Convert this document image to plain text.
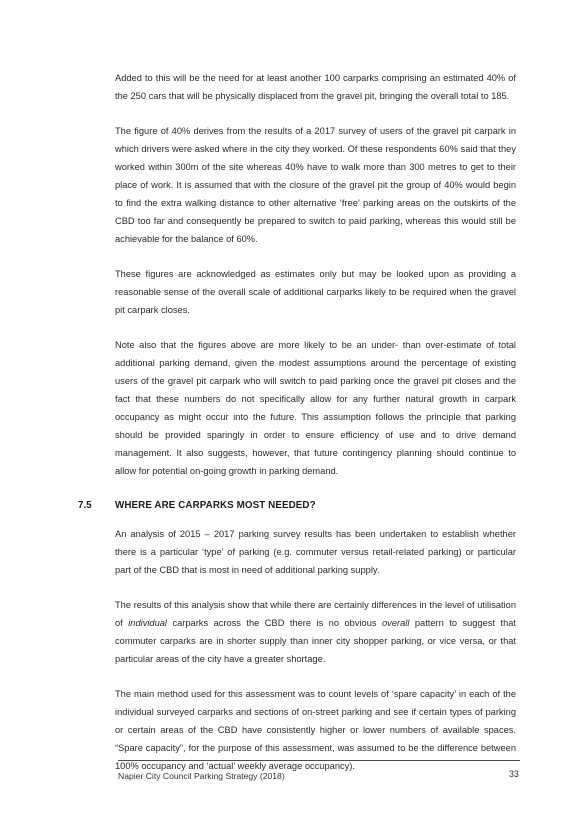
Added to this will be the need for at least another 100 carparks comprising an estimated 40% of the 250 cars that will be physically displaced from the gravel pit, bringing the overall total to 185.

The figure of 40% derives from the results of a 2017 survey of users of the gravel pit carpark in which drivers were asked where in the city they worked. Of these respondents 60% said that they worked within 300m of the site whereas 40% have to walk more than 300 metres to get to their place of work. It is assumed that with the closure of the gravel pit the group of 40% would begin to find the extra walking distance to other alternative ‘free’ parking areas on the outskirts of the CBD too far and consequently be prepared to switch to paid parking, whereas this would still be achievable for the balance of 60%.

These figures are acknowledged as estimates only but may be looked upon as providing a reasonable sense of the overall scale of additional carparks likely to be required when the gravel pit carpark closes.

Note also that the figures above are more likely to be an under- than over-estimate of total additional parking demand, given the modest assumptions around the percentage of existing users of the gravel pit carpark who will switch to paid parking once the gravel pit closes and the fact that these numbers do not specifically allow for any further natural growth in carpark occupancy as might occur into the future. This assumption follows the principle that parking should be provided sparingly in order to ensure efficiency of use and to drive demand management. It also suggests, however, that future contingency planning should continue to allow for potential on-going growth in parking demand.

7.5 WHERE ARE CARPARKS MOST NEEDED?

An analysis of 2015 – 2017 parking survey results has been undertaken to establish whether there is a particular ‘type’ of parking (e.g. commuter versus retail-related parking) or particular part of the CBD that is most in need of additional parking supply.

The results of this analysis show that while there are certainly differences in the level of utilisation of individual carparks across the CBD there is no obvious overall pattern to suggest that commuter carparks are in shorter supply than inner city shopper parking, or vice versa, or that particular areas of the city have a greater shortage.

The main method used for this assessment was to count levels of ‘spare capacity’ in each of the individual surveyed carparks and sections of on-street parking and see if certain types of parking or certain areas of the CBD have consistently higher or lower numbers of available spaces. “Spare capacity”, for the purpose of this assessment, was assumed to be the difference between 100% occupancy and ‘actual’ weekly average occupancy).

Napier City Council Parking Strategy (2018)	33
